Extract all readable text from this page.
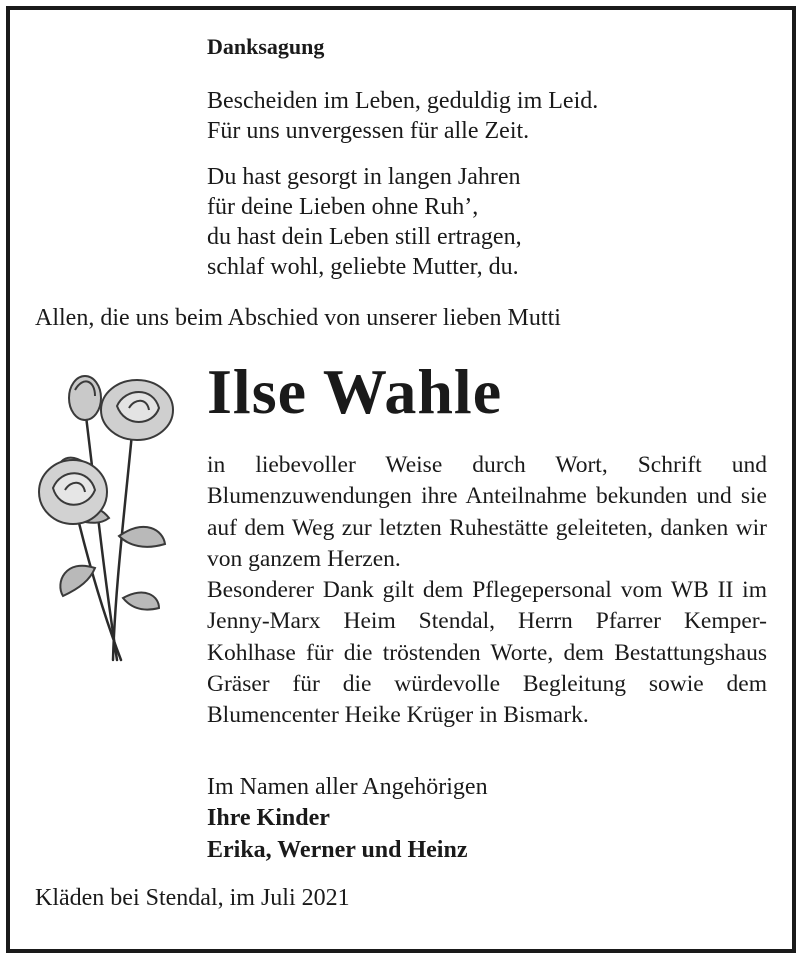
Danksagung
Bescheiden im Leben, geduldig im Leid.
Für uns unvergessen für alle Zeit.
Du hast gesorgt in langen Jahren
für deine Lieben ohne Ruh’,
du hast dein Leben still ertragen,
schlaf wohl, geliebte Mutter, du.
Allen, die uns beim Abschied von unserer lieben Mutti
Ilse Wahle

in liebevoller Weise durch Wort, Schrift und Blumenzuwendungen ihre Anteilnahme bekunden und sie auf dem Weg zur letzten Ruhestätte geleiteten, danken wir von ganzem Herzen.

Besonderer Dank gilt dem Pflegepersonal vom WB II im Jenny-Marx Heim Stendal, Herrn Pfarrer Kemper-Kohlhase für die tröstenden Worte, dem Bestattungshaus Gräser für die würdevolle Begleitung sowie dem Blumencenter Heike Krüger in Bismark.

Im Namen aller Angehörigen
Ihre Kinder
Erika, Werner und Heinz
Kläden bei Stendal, im Juli 2021
